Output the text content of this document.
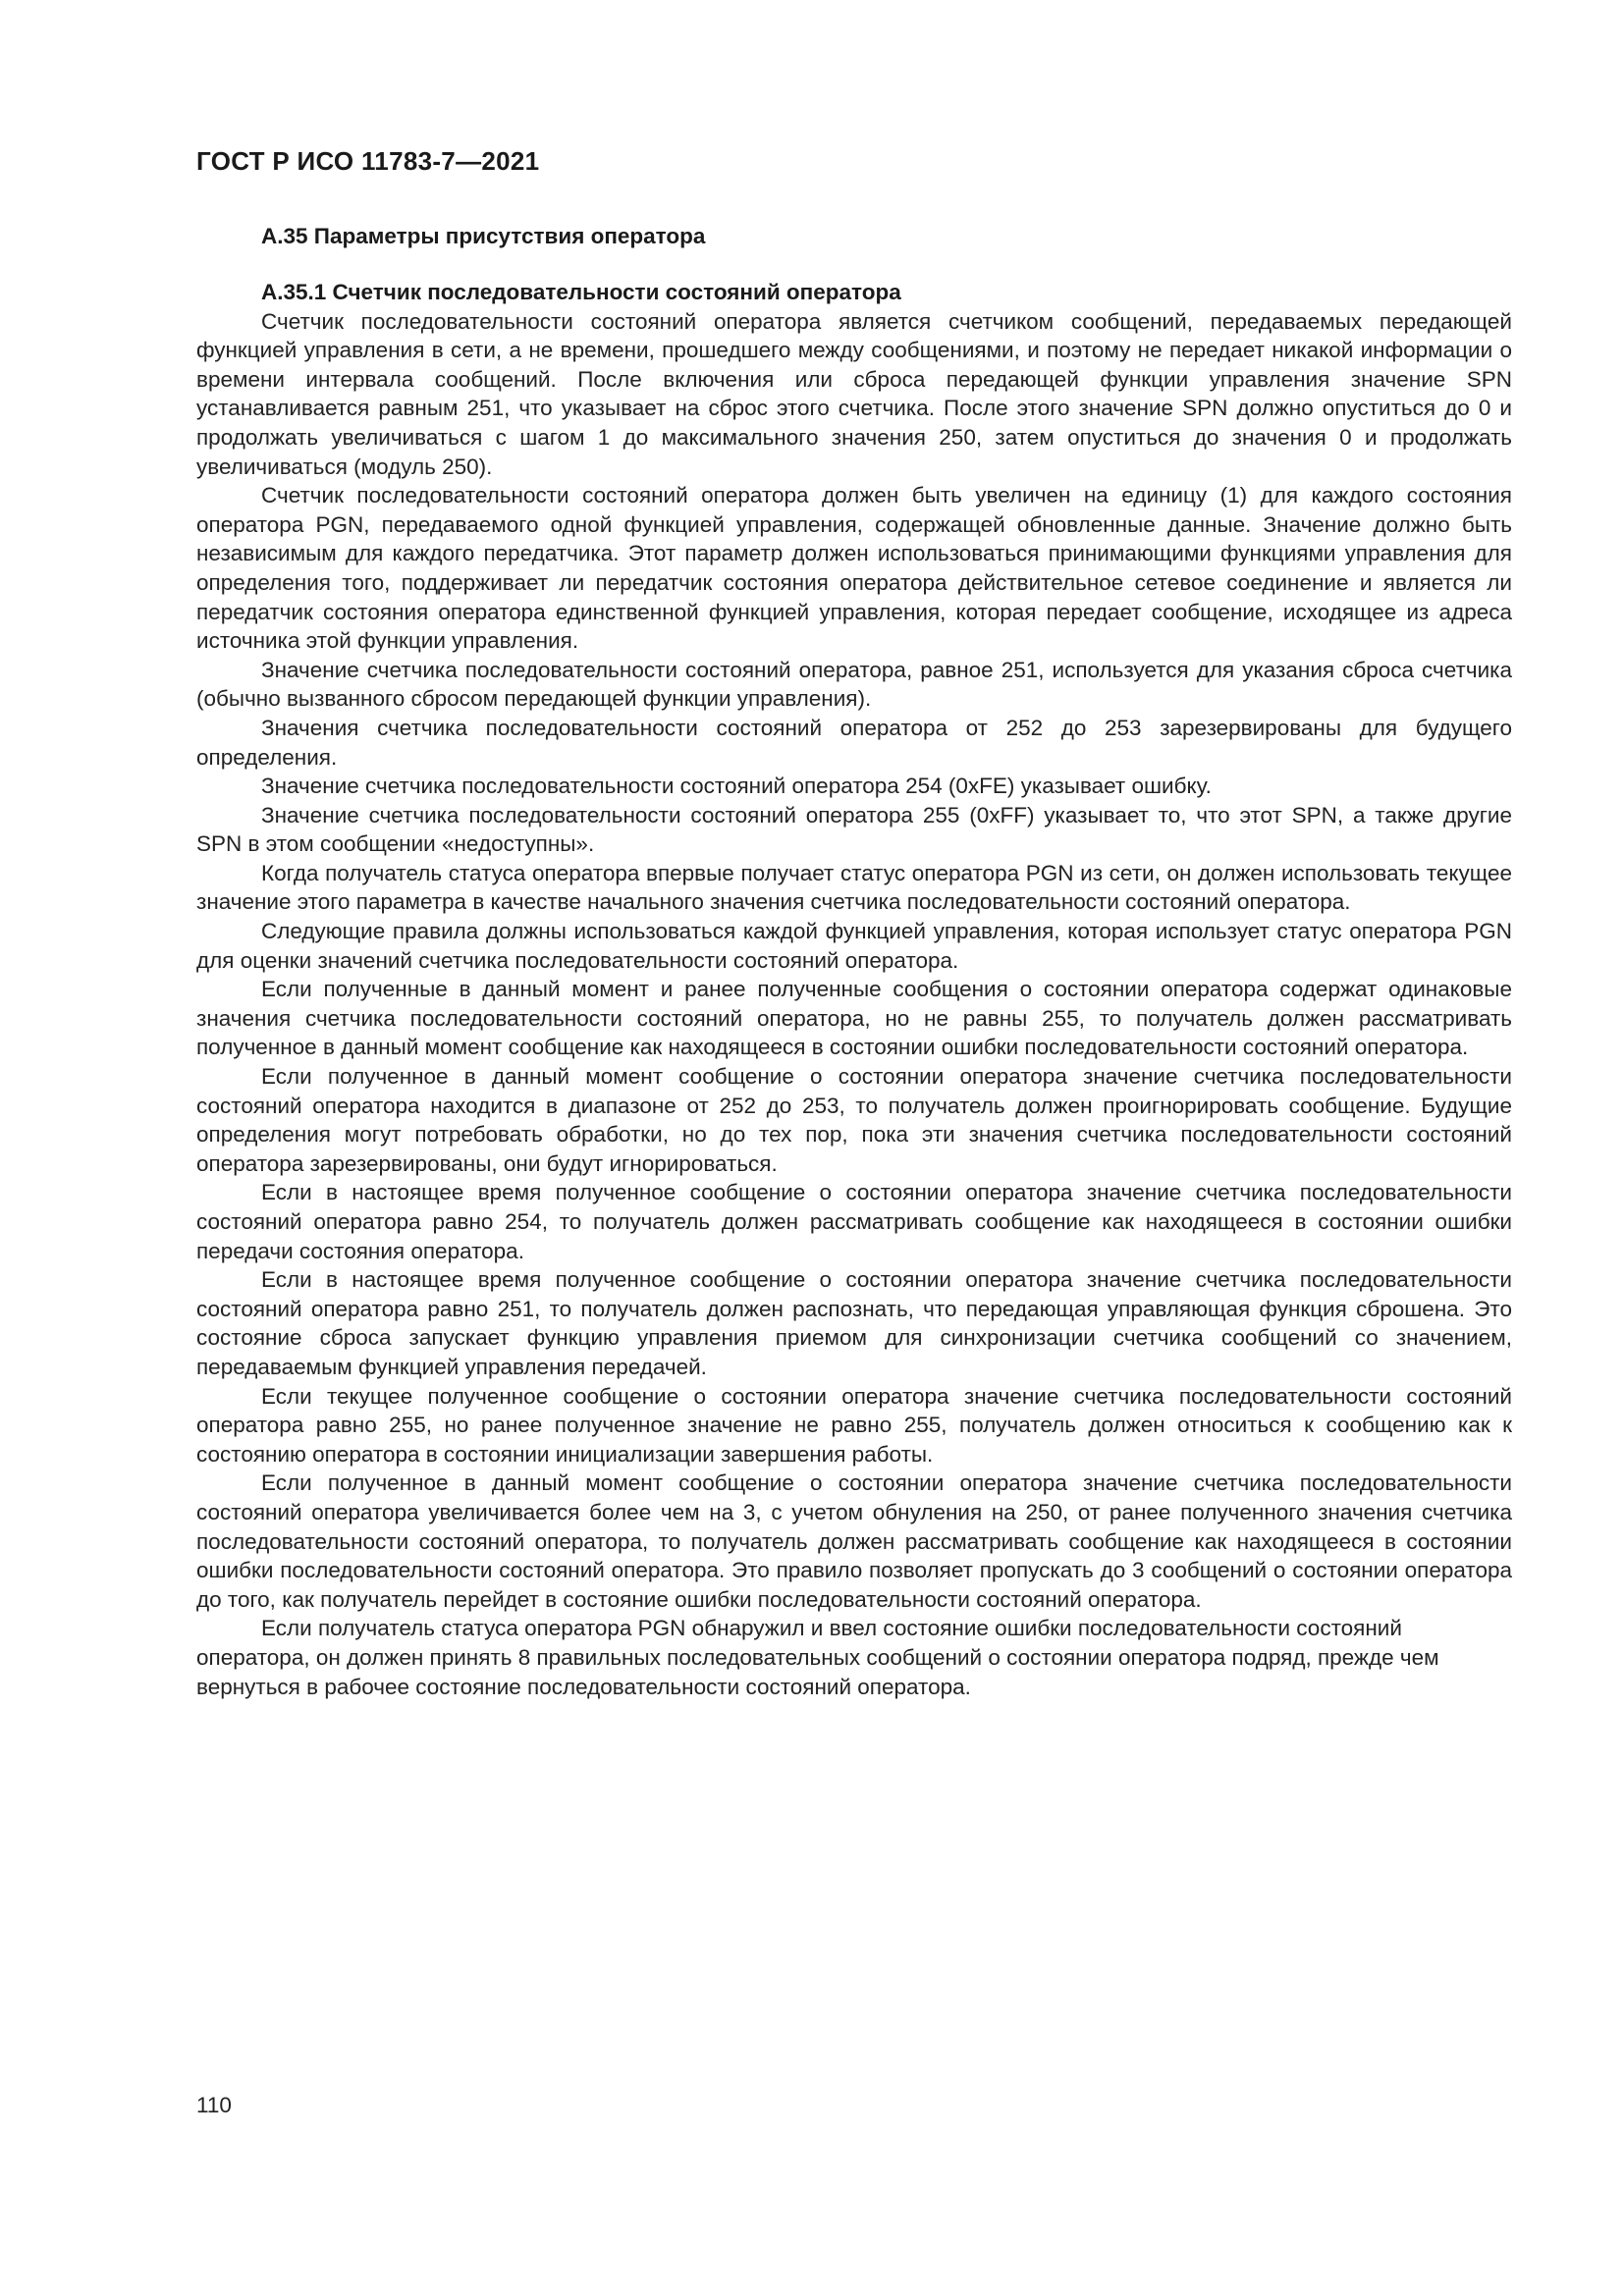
ГОСТ Р ИСО 11783-7—2021
А.35 Параметры присутствия оператора

А.35.1 Счетчик последовательности состояний оператора

Счетчик последовательности состояний оператора является счетчиком сообщений, передаваемых передающей функцией управления в сети, а не времени, прошедшего между сообщениями, и поэтому не передает никакой информации о времени интервала сообщений. После включения или сброса передающей функции управления значение SPN устанавливается равным 251, что указывает на сброс этого счетчика. После этого значение SPN должно опуститься до 0 и продолжать увеличиваться с шагом 1 до максимального значения 250, затем опуститься до значения 0 и продолжать увеличиваться (модуль 250).

Счетчик последовательности состояний оператора должен быть увеличен на единицу (1) для каждого состояния оператора PGN, передаваемого одной функцией управления, содержащей обновленные данные. Значение должно быть независимым для каждого передатчика. Этот параметр должен использоваться принимающими функциями управления для определения того, поддерживает ли передатчик состояния оператора действительное сетевое соединение и является ли передатчик состояния оператора единственной функцией управления, которая передает сообщение, исходящее из адреса источника этой функции управления.

Значение счетчика последовательности состояний оператора, равное 251, используется для указания сброса счетчика (обычно вызванного сбросом передающей функции управления).

Значения счетчика последовательности состояний оператора от 252 до 253 зарезервированы для будущего определения.

Значение счетчика последовательности состояний оператора 254 (0xFE) указывает ошибку.

Значение счетчика последовательности состояний оператора 255 (0xFF) указывает то, что этот SPN, а также другие SPN в этом сообщении «недоступны».

Когда получатель статуса оператора впервые получает статус оператора PGN из сети, он должен использовать текущее значение этого параметра в качестве начального значения счетчика последовательности состояний оператора.

Следующие правила должны использоваться каждой функцией управления, которая использует статус оператора PGN для оценки значений счетчика последовательности состояний оператора.

Если полученные в данный момент и ранее полученные сообщения о состоянии оператора содержат одинаковые значения счетчика последовательности состояний оператора, но не равны 255, то получатель должен рассматривать полученное в данный момент сообщение как находящееся в состоянии ошибки последовательности состояний оператора.

Если полученное в данный момент сообщение о состоянии оператора значение счетчика последовательности состояний оператора находится в диапазоне от 252 до 253, то получатель должен проигнорировать сообщение. Будущие определения могут потребовать обработки, но до тех пор, пока эти значения счетчика последовательности состояний оператора зарезервированы, они будут игнорироваться.

Если в настоящее время полученное сообщение о состоянии оператора значение счетчика последовательности состояний оператора равно 254, то получатель должен рассматривать сообщение как находящееся в состоянии ошибки передачи состояния оператора.

Если в настоящее время полученное сообщение о состоянии оператора значение счетчика последовательности состояний оператора равно 251, то получатель должен распознать, что передающая управляющая функция сброшена. Это состояние сброса запускает функцию управления приемом для синхронизации счетчика сообщений со значением, передаваемым функцией управления передачей.

Если текущее полученное сообщение о состоянии оператора значение счетчика последовательности состояний оператора равно 255, но ранее полученное значение не равно 255, получатель должен относиться к сообщению как к состоянию оператора в состоянии инициализации завершения работы.

Если полученное в данный момент сообщение о состоянии оператора значение счетчика последовательности состояний оператора увеличивается более чем на 3, с учетом обнуления на 250, от ранее полученного значения счетчика последовательности состояний оператора, то получатель должен рассматривать сообщение как находящееся в состоянии ошибки последовательности состояний оператора. Это правило позволяет пропускать до 3 сообщений о состоянии оператора до того, как получатель перейдет в состояние ошибки последовательности состояний оператора.

Если получатель статуса оператора PGN обнаружил и ввел состояние ошибки последовательности состояний оператора, он должен принять 8 правильных последовательных сообщений о состоянии оператора подряд, прежде чем вернуться в рабочее состояние последовательности состояний оператора.

110
